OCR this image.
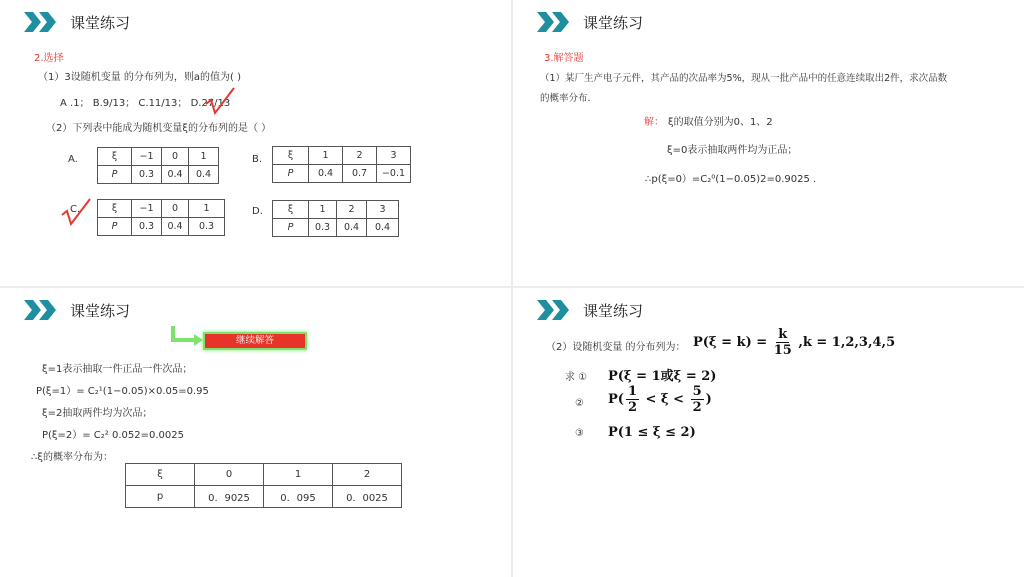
课堂练习
2.选择
（1）3设随机变量 的分布列为，则a的值为( )
A .1； B.9/13； C.11/13； D.27/13
（2）下列表中能成为随机变量ξ的分布列的是（ ）
A.	ξ	−1	0	1
P	0.3	0.4	0.4
B.	ξ	1	2	3
P	0.4	0.7	−0.1
C.	ξ	−1	0	1
P	0.3	0.4	0.3
D.	ξ	1	2	3
P	0.3	0.4	0.4
课堂练习
3.解答题
（1）某厂生产电子元件，其产品的次品率为5%，现从一批产品中的任意连续取出2件，求次品数
的概率分布.
解： ξ的取值分别为0、1、2
ξ=0表示抽取两件均为正品；
∴p(ξ=0）=C₂⁰(1−0.05)2=0.9025 .
课堂练习
继续解答
ξ=1表示抽取一件正品一件次品；
P(ξ=1）= C₂¹(1−0.05)×0.05=0.95
ξ=2抽取两件均为次品；
P(ξ=2）= C₂² 0.052=0.0025
∴ξ的概率分布为：
ξ	0	1	2
p	0．9025	0．095	0．0025
课堂练习
（2）设随机变量 的分布列为： $P(\xi = k) = \frac{k}{15} ,k = 1,2,3,4,5$
求 ① P(ξ = 1或ξ = 2)
② $P( \frac{1}{2} < \xi < \frac{5}{2}$ )
③ P(1 ≤ ξ ≤ 2)
